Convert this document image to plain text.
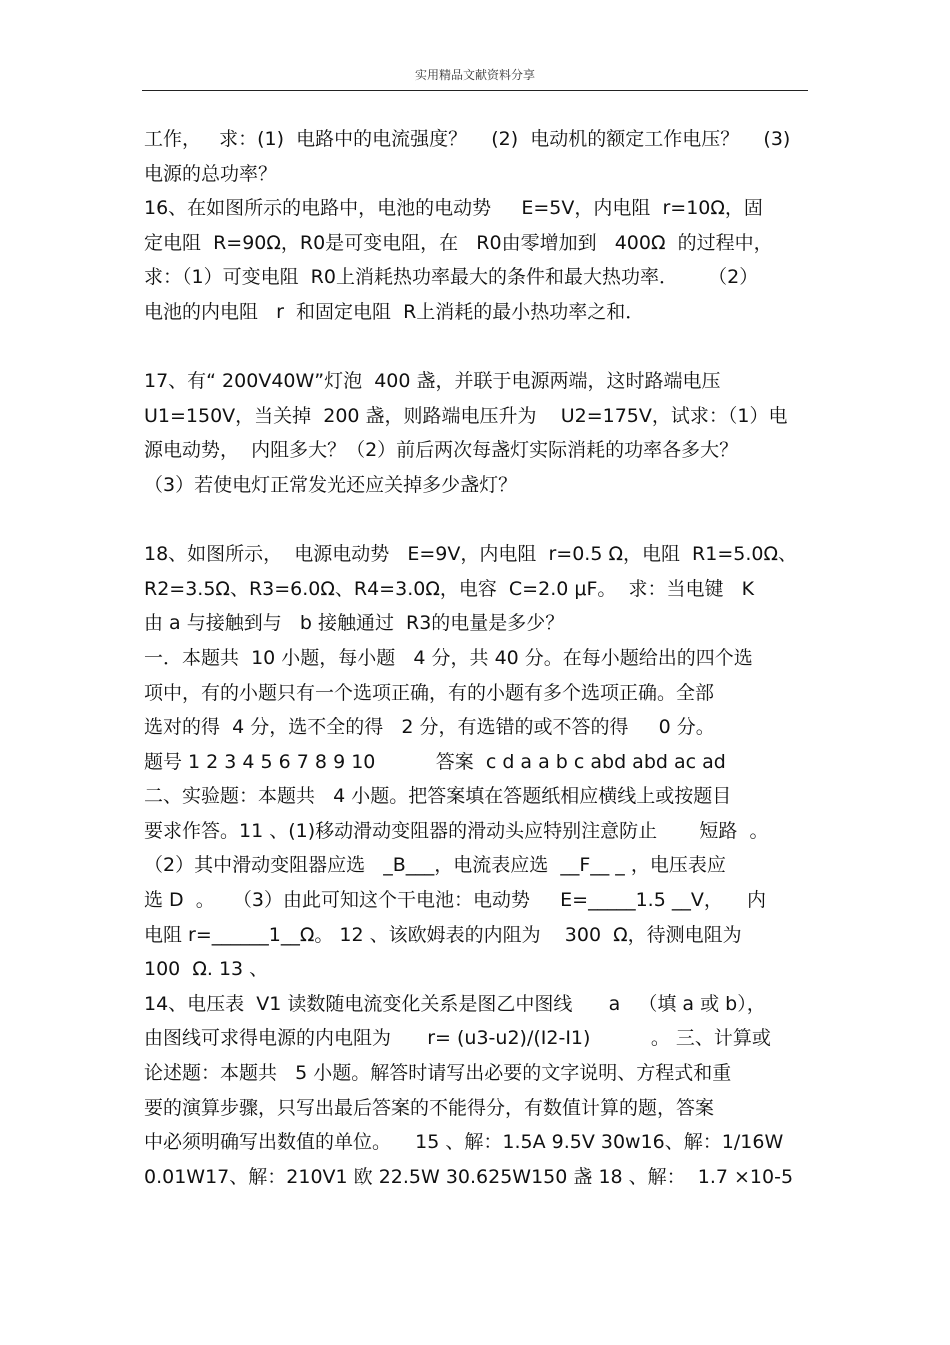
实用精品文献资料分享
工作，   求：(1)  电路中的电流强度？    (2)  电动机的额定工作电压？    (3)
电源的总功率？
16、在如图所示的电路中，电池的电动势     E=5V，内电阻  r=10Ω，固
定电阻  R=90Ω，R0是可变电阻，在   R0由零增加到   400Ω  的过程中，
求：（1）可变电阻  R0上消耗热功率最大的条件和最大热功率．     （2）
电池的内电阻   r  和固定电阻  R上消耗的最小热功率之和．
17、有“ 200V40W”灯泡  400 盏，并联于电源两端，这时路端电压
U1=150V，当关掉  200 盏，则路端电压升为    U2=175V，试求：（1）电
源电动势，  内阻多大？（2）前后两次每盏灯实际消耗的功率各多大？
（3）若使电灯正常发光还应关掉多少盏灯？
18、如图所示，  电源电动势   E=9V，内电阻  r=0.5 Ω，电阻  R1=5.0Ω、
R2=3.5Ω、R3=6.0Ω、R4=3.0Ω，电容  C=2.0 μF。  求：当电键   K
由 a 与接触到与   b 接触通过  R3的电量是多少？
一．本题共  10 小题，每小题   4 分，共 40 分。在每小题给出的四个选
项中，有的小题只有一个选项正确，有的小题有多个选项正确。全部
选对的得  4 分，选不全的得   2 分，有选错的或不答的得     0 分。
题号 1 2 3 4 5 6 7 8 9 10          答案  c d a a b c abd abd ac ad
二、实验题：本题共   4 小题。把答案填在答题纸相应横线上或按题目
要求作答。11 、(1)移动滑动变阻器的滑动头应特别注意防止       短路  。
（2）其中滑动变阻器应选   _B___，电流表应选  __F__ _ ，电压表应
选 D  。   （3）由此可知这个干电池：电动势     E=_____1.5 __V，    内
电阻 r=______1__Ω。 12 、该欧姆表的内阻为    300  Ω，待测电阻为
100  Ω. 13 、
14、电压表  V1 读数随电流变化关系是图乙中图线      a   （填 a 或 b），
由图线可求得电源的内电阻为      r= (u3-u2)/(I2-I1)          。 三、计算或
论述题：本题共   5 小题。解答时请写出必要的文字说明、方程式和重
要的演算步骤，只写出最后答案的不能得分，有数值计算的题，答案
中必须明确写出数值的单位。    15 、解：1.5A 9.5V 30w16、解：1/16W
0.01W17、解：210V1 欧 22.5W 30.625W150 盏 18 、解：  1.7 ×10-5
